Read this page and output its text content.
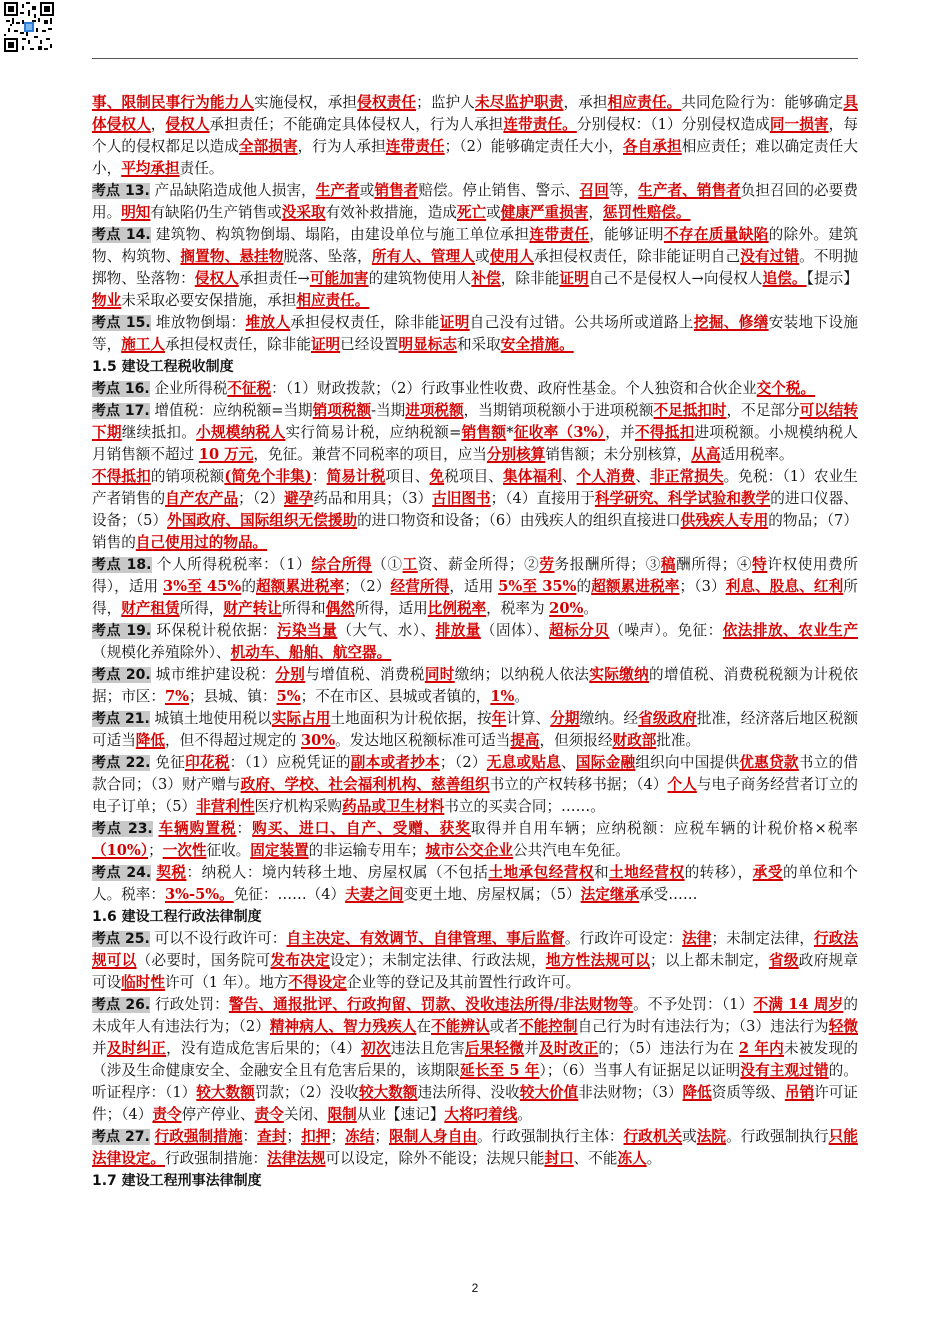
事、限制民事行为能力人实施侵权，承担侵权责任；监护人未尽监护职责，承担相应责任。共同危险行为：能够确定具体侵权人，侵权人承担责任；不能确定具体侵权人，行为人承担连带责任。分别侵权：（1）分别侵权造成同一损害，每个人的侵权都足以造成全部损害，行为人承担连带责任；（2）能够确定责任大小，各自承担相应责任；难以确定责任大小，平均承担责任。

考点 13. 产品缺陷造成他人损害，生产者或销售者赔偿。停止销售、警示、召回等，生产者、销售者负担召回的必要费用。明知有缺陷仍生产销售或没采取有效补救措施，造成死亡或健康严重损害，惩罚性赔偿。

考点 14. 建筑物、构筑物倒塌、塌陷，由建设单位与施工单位承担连带责任，能够证明不存在质量缺陷的除外。建筑物、构筑物、搁置物、悬挂物脱落、坠落，所有人、管理人或使用人承担侵权责任，除非能证明自己没有过错。不明抛掷物、坠落物：侵权人承担责任→可能加害的建筑物使用人补偿，除非能证明自己不是侵权人→向侵权人追偿。【提示】物业未采取必要安保措施，承担相应责任。

考点 15. 堆放物倒塌：堆放人承担侵权责任，除非能证明自己没有过错。公共场所或道路上挖掘、修缮安装地下设施等，施工人承担侵权责任，除非能证明已经设置明显标志和采取安全措施。

1.5 建设工程税收制度

考点 16. 企业所得税不征税：（1）财政拨款；（2）行政事业性收费、政府性基金。个人独资和合伙企业交个税。

考点 17. 增值税：应纳税额=当期销项税额-当期进项税额，当期销项税额小于进项税额不足抵扣时，不足部分可以结转下期继续抵扣。小规模纳税人实行简易计税，应纳税额=销售额*征收率（3%），并不得抵扣进项税额。小规模纳税人月销售额不超过 10 万元，免征。兼营不同税率的项目，应当分别核算销售额；未分别核算，从高适用税率。

不得抵扣的销项税额(简免个非集)：简易计税项目、免税项目、集体福利、个人消费、非正常损失。免税：（1）农业生产者销售的自产农产品；（2）避孕药品和用具；（3）古旧图书；（4）直接用于科学研究、科学试验和教学的进口仪器、设备；（5）外国政府、国际组织无偿援助的进口物资和设备；（6）由残疾人的组织直接进口供残疾人专用的物品；（7）销售的自己使用过的物品。

考点 18. 个人所得税税率：（1）综合所得（①工资、薪金所得；②劳务报酬所得；③稿酬所得；④特许权使用费所得），适用 3%至 45%的超额累进税率；（2）经营所得，适用 5%至 35%的超额累进税率；（3）利息、股息、红利所得，财产租赁所得，财产转让所得和偶然所得，适用比例税率，税率为 20%。

考点 19. 环保税计税依据：污染当量（大气、水）、排放量（固体）、超标分贝（噪声）。免征：依法排放、农业生产（规模化养殖除外）、机动车、船舶、航空器。

考点 20. 城市维护建设税：分别与增值税、消费税同时缴纳；以纳税人依法实际缴纳的增值税、消费税税额为计税依据；市区：7%；县城、镇：5%；不在市区、县城或者镇的，1%。

考点 21. 城镇土地使用税以实际占用土地面积为计税依据，按年计算、分期缴纳。经省级政府批准，经济落后地区税额可适当降低，但不得超过规定的 30%。发达地区税额标准可适当提高，但须报经财政部批准。

考点 22. 免征印花税：（1）应税凭证的副本或者抄本；（2）无息或贴息、国际金融组织向中国提供优惠贷款书立的借款合同；（3）财产赠与政府、学校、社会福利机构、慈善组织书立的产权转移书据；（4）个人与电子商务经营者订立的电子订单；（5）非营利性医疗机构采购药品或卫生材料书立的买卖合同；……。

考点 23. 车辆购置税：购买、进口、自产、受赠、获奖取得并自用车辆；应纳税额：应税车辆的计税价格×税率（10%）；一次性征收。固定装置的非运输专用车；城市公交企业公共汽电车免征。

考点 24. 契税：纳税人：境内转移土地、房屋权属（不包括土地承包经营权和土地经营权的转移），承受的单位和个人。税率：3%-5%。免征：……（4）夫妻之间变更土地、房屋权属；（5）法定继承承受……

1.6 建设工程行政法律制度

考点 25. 可以不设行政许可：自主决定、有效调节、自律管理、事后监督。行政许可设定：法律；未制定法律，行政法规可以（必要时，国务院可发布决定设定）；未制定法律、行政法规，地方性法规可以；以上都未制定，省级政府规章可设临时性许可（1 年）。地方不得设定企业等的登记及其前置性行政许可。

考点 26. 行政处罚：警告、通报批评、行政拘留、罚款、没收违法所得/非法财物等。不予处罚：（1）不满 14 周岁的未成年人有违法行为；（2）精神病人、智力残疾人在不能辨认或者不能控制自己行为时有违法行为；（3）违法行为轻微并及时纠正，没有造成危害后果的；（4）初次违法且危害后果轻微并及时改正的；（5）违法行为在 2 年内未被发现的（涉及生命健康安全、金融安全且有危害后果的，该期限延长至 5 年）；（6）当事人有证据足以证明没有主观过错的。听证程序：（1）较大数额罚款；（2）没收较大数额违法所得、没收较大价值非法财物；（3）降低资质等级、吊销许可证件；（4）责令停产停业、责令关闭、限制从业【速记】大将叼着线。

考点 27. 行政强制措施：查封；扣押；冻结；限制人身自由。行政强制执行主体：行政机关或法院。行政强制执行只能法律设定。行政强制措施：法律法规可以设定，除外不能设；法规只能封口、不能冻人。

1.7 建设工程刑事法律制度

2
